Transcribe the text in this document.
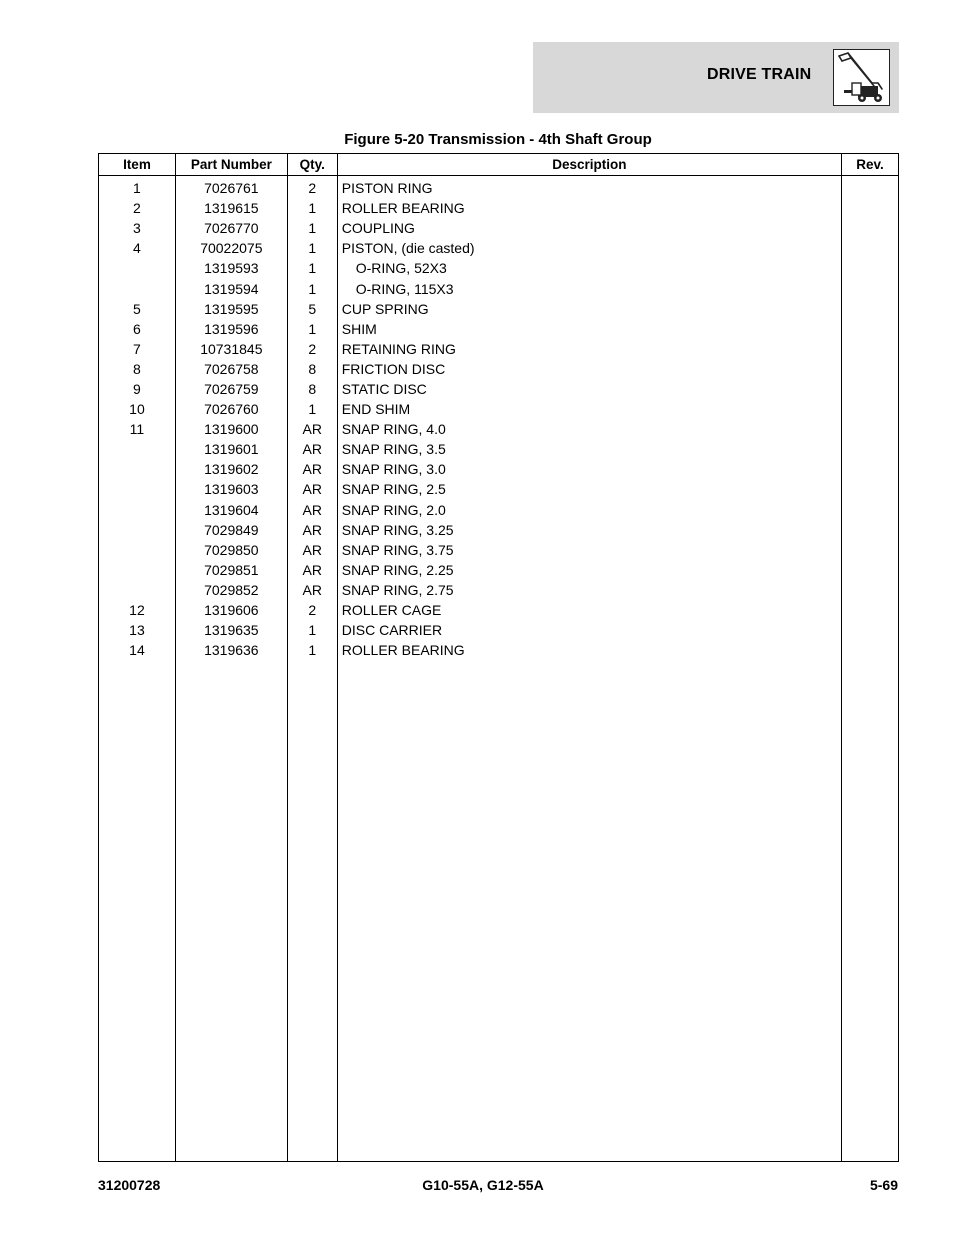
DRIVE TRAIN
Figure 5-20 Transmission - 4th Shaft Group
Item	Part Number	Qty.	Description	Rev.
1	7026761	2	PISTON RING	
2	1319615	1	ROLLER BEARING	
3	7026770	1	COUPLING	
4	70022075	1	PISTON, (die casted)	
	1319593	1	O-RING, 52X3	
	1319594	1	O-RING, 115X3	
5	1319595	5	CUP SPRING	
6	1319596	1	SHIM	
7	10731845	2	RETAINING RING	
8	7026758	8	FRICTION DISC	
9	7026759	8	STATIC DISC	
10	7026760	1	END SHIM	
11	1319600	AR	SNAP RING, 4.0	
	1319601	AR	SNAP RING, 3.5	
	1319602	AR	SNAP RING, 3.0	
	1319603	AR	SNAP RING, 2.5	
	1319604	AR	SNAP RING, 2.0	
	7029849	AR	SNAP RING, 3.25	
	7029850	AR	SNAP RING, 3.75	
	7029851	AR	SNAP RING, 2.25	
	7029852	AR	SNAP RING, 2.75	
12	1319606	2	ROLLER CAGE	
13	1319635	1	DISC CARRIER	
14	1319636	1	ROLLER BEARING	

31200728	G10-55A, G12-55A	5-69
